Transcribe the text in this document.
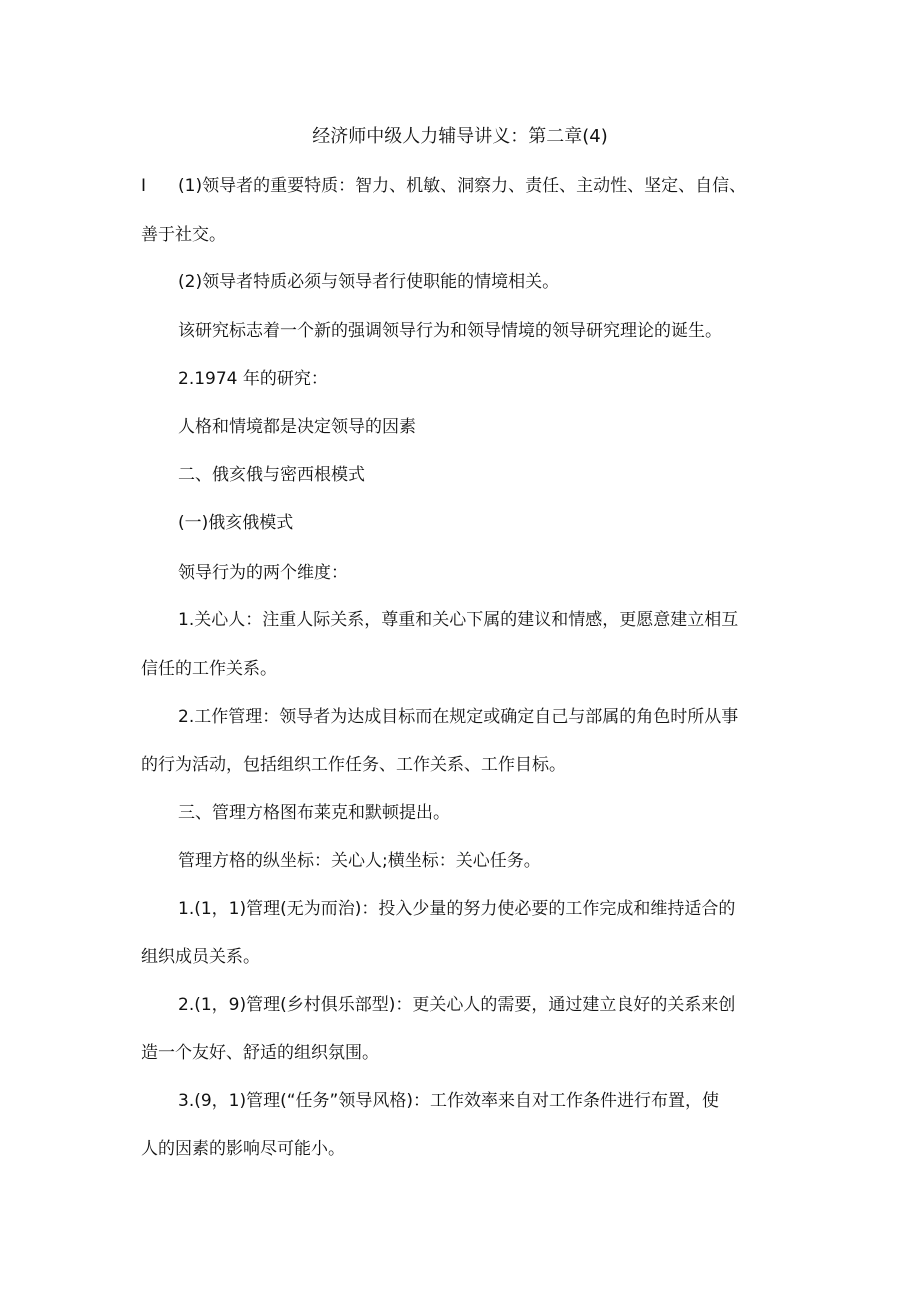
经济师中级人力辅导讲义：第二章(4)
I (1)领导者的重要特质：智力、机敏、洞察力、责任、主动性、坚定、自信、
善于社交。
(2)领导者特质必须与领导者行使职能的情境相关。
该研究标志着一个新的强调领导行为和领导情境的领导研究理论的诞生。
2.1974 年的研究：
人格和情境都是决定领导的因素
二、俄亥俄与密西根模式
(一)俄亥俄模式
领导行为的两个维度：
1.关心人：注重人际关系，尊重和关心下属的建议和情感，更愿意建立相互
信任的工作关系。
2.工作管理：领导者为达成目标而在规定或确定自己与部属的角色时所从事
的行为活动，包括组织工作任务、工作关系、工作目标。
三、管理方格图布莱克和默顿提出。
管理方格的纵坐标：关心人;横坐标：关心任务。
1.(1，1)管理(无为而治)：投入少量的努力使必要的工作完成和维持适合的
组织成员关系。
2.(1，9)管理(乡村俱乐部型)：更关心人的需要，通过建立良好的关系来创
造一个友好、舒适的组织氛围。
3.(9，1)管理(“任务”领导风格)：工作效率来自对工作条件进行布置，使
人的因素的影响尽可能小。
